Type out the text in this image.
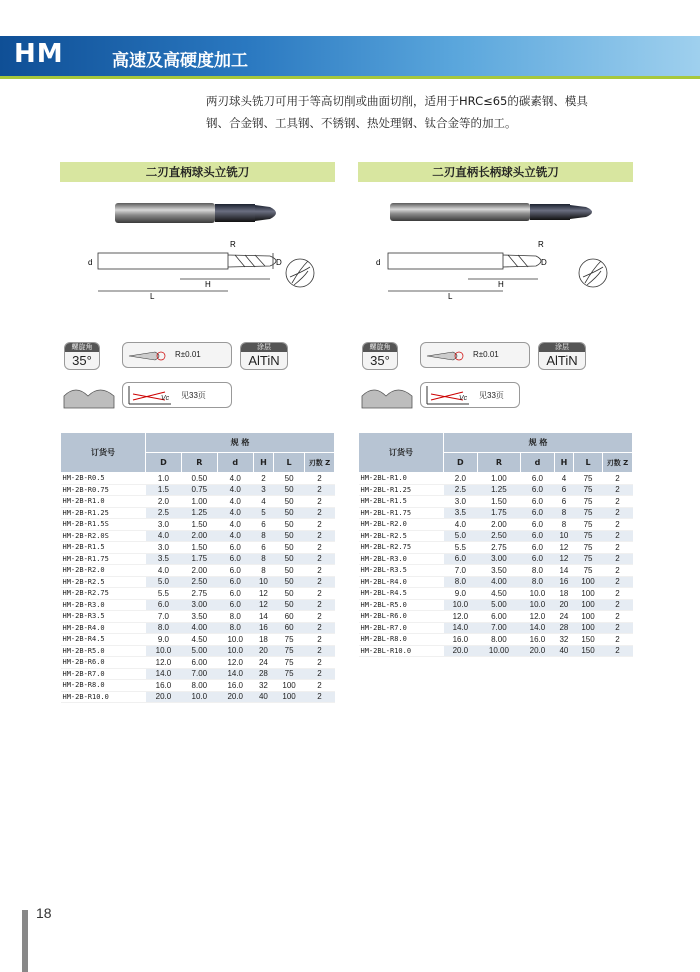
HM	高速及高硬度加工
两刃球头铣刀可用于等高切削或曲面切削，适用于HRC≤65的碳素钢、模具
钢、合金钢、工具钢、不锈钢、热处理钢、钛合金等的加工。
二刃直柄球头立铣刀	二刃直柄长柄球头立铣刀
d
R
D
H
L
d
R
D
H
L
螺旋角
35°	R±0.01
涂层
AlTiN
Vc 见33页
螺旋角
35°	R±0.01
涂层
AlTiN
Vc 见33页
订货号	规 格					
	D	R	d	H	L	刃数 Z
HM-2B-R0.5	1.0	0.50	4.0	2	50	2
HM-2B-R0.75	1.5	0.75	4.0	3	50	2
HM-2B-R1.0	2.0	1.00	4.0	4	50	2
HM-2B-R1.25	2.5	1.25	4.0	5	50	2
HM-2B-R1.5S	3.0	1.50	4.0	6	50	2
HM-2B-R2.0S	4.0	2.00	4.0	8	50	2
HM-2B-R1.5	3.0	1.50	6.0	6	50	2
HM-2B-R1.75	3.5	1.75	6.0	8	50	2
HM-2B-R2.0	4.0	2.00	6.0	8	50	2
HM-2B-R2.5	5.0	2.50	6.0	10	50	2
HM-2B-R2.75	5.5	2.75	6.0	12	50	2
HM-2B-R3.0	6.0	3.00	6.0	12	50	2
HM-2B-R3.5	7.0	3.50	8.0	14	60	2
HM-2B-R4.0	8.0	4.00	8.0	16	60	2
HM-2B-R4.5	9.0	4.50	10.0	18	75	2
HM-2B-R5.0	10.0	5.00	10.0	20	75	2
HM-2B-R6.0	12.0	6.00	12.0	24	75	2
HM-2B-R7.0	14.0	7.00	14.0	28	75	2
HM-2B-R8.0	16.0	8.00	16.0	32	100	2
HM-2B-R10.0	20.0	10.0	20.0	40	100	2
订货号	规 格					
	D	R	d	H	L	刃数 Z
HM-2BL-R1.0	2.0	1.00	6.0	4	75	2
HM-2BL-R1.25	2.5	1.25	6.0	6	75	2
HM-2BL-R1.5	3.0	1.50	6.0	6	75	2
HM-2BL-R1.75	3.5	1.75	6.0	8	75	2
HM-2BL-R2.0	4.0	2.00	6.0	8	75	2
HM-2BL-R2.5	5.0	2.50	6.0	10	75	2
HM-2BL-R2.75	5.5	2.75	6.0	12	75	2
HM-2BL-R3.0	6.0	3.00	6.0	12	75	2
HM-2BL-R3.5	7.0	3.50	8.0	14	75	2
HM-2BL-R4.0	8.0	4.00	8.0	16	100	2
HM-2BL-R4.5	9.0	4.50	10.0	18	100	2
HM-2BL-R5.0	10.0	5.00	10.0	20	100	2
HM-2BL-R6.0	12.0	6.00	12.0	24	100	2
HM-2BL-R7.0	14.0	7.00	14.0	28	100	2
HM-2BL-R8.0	16.0	8.00	16.0	32	150	2
HM-2BL-R10.0	20.0	10.00	20.0	40	150	2
18
